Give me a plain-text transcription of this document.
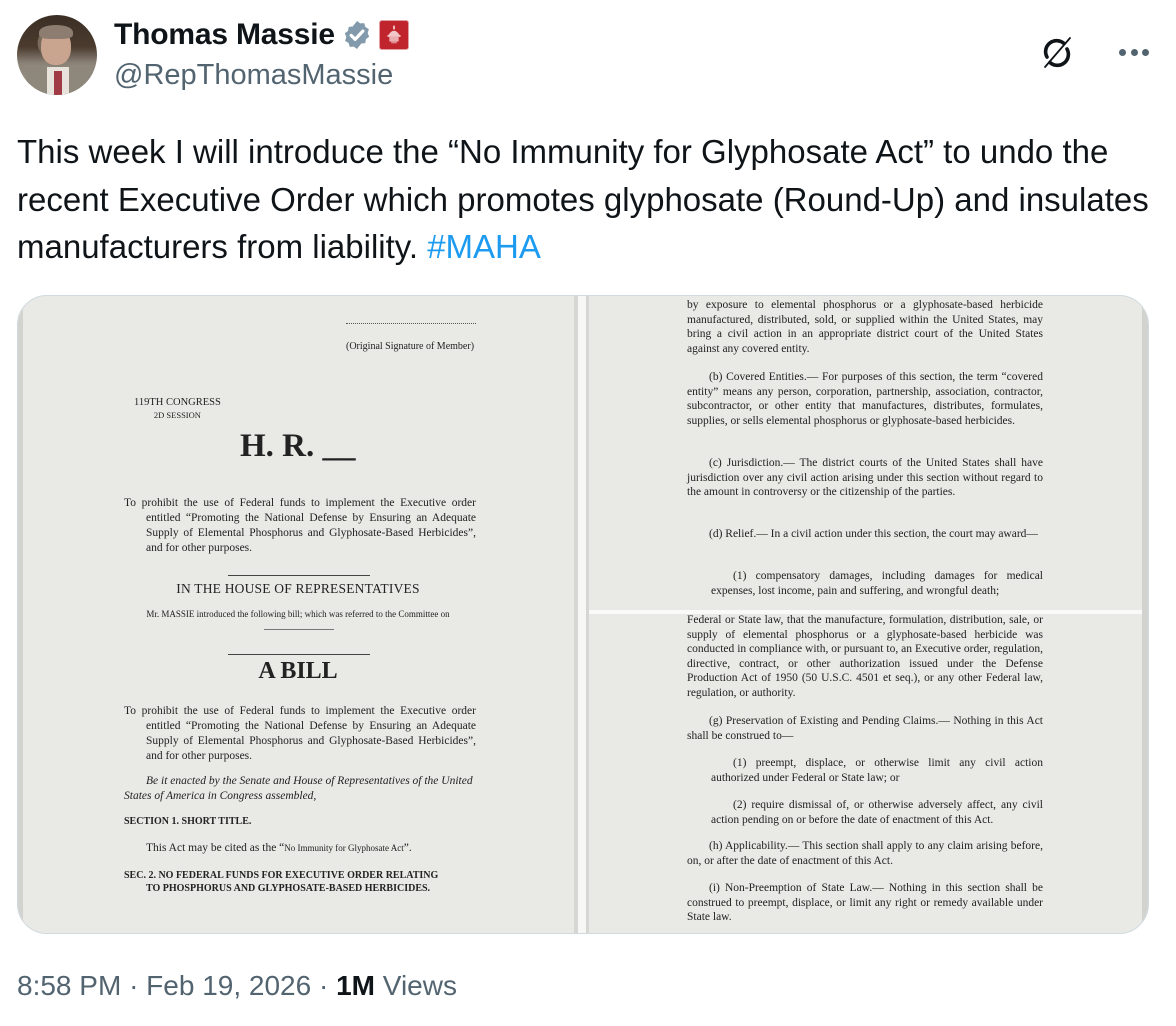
Thomas Massie
@RepThomasMassie
This week I will introduce the “No Immunity for Glyphosate Act” to undo the recent Executive Order which promotes glyphosate (Round-Up) and insulates manufacturers from liability. #MAHA
(Original Signature of Member)
119TH CONGRESS
2D SESSION
H. R. __
To prohibit the use of Federal funds to implement the Executive order entitled “Promoting the National Defense by Ensuring an Adequate Supply of Elemental Phosphorus and Glyphosate-Based Herbicides”, and for other purposes.
IN THE HOUSE OF REPRESENTATIVES
Mr. MASSIE introduced the following bill; which was referred to the Committee on
A BILL
To prohibit the use of Federal funds to implement the Executive order entitled “Promoting the National Defense by Ensuring an Adequate Supply of Elemental Phosphorus and Glyphosate-Based Herbicides”, and for other purposes.
Be it enacted by the Senate and House of Representatives of the United States of America in Congress assembled,
SECTION 1. SHORT TITLE.
This Act may be cited as the “No Immunity for Glyphosate Act”.
SEC. 2. NO FEDERAL FUNDS FOR EXECUTIVE ORDER RELATING
TO PHOSPHORUS AND GLYPHOSATE-BASED HERBICIDES.
by exposure to elemental phosphorus or a glyphosate-based herbicide manufactured, distributed, sold, or supplied within the United States, may bring a civil action in an appropriate district court of the United States against any covered entity.
(b) Covered Entities.— For purposes of this section, the term “covered entity” means any person, corporation, partnership, association, contractor, subcontractor, or other entity that manufactures, distributes, formulates, supplies, or sells elemental phosphorus or glyphosate-based herbicides.
(c) Jurisdiction.— The district courts of the United States shall have jurisdiction over any civil action arising under this section without regard to the amount in controversy or the citizenship of the parties.
(d) Relief.— In a civil action under this section, the court may award—
(1) compensatory damages, including damages for medical expenses, lost income, pain and suffering, and wrongful death;
Federal or State law, that the manufacture, formulation, distribution, sale, or supply of elemental phosphorus or a glyphosate-based herbicide was conducted in compliance with, or pursuant to, an Executive order, regulation, directive, contract, or other authorization issued under the Defense Production Act of 1950 (50 U.S.C. 4501 et seq.), or any other Federal law, regulation, or authority.
(g) Preservation of Existing and Pending Claims.— Nothing in this Act shall be construed to—
(1) preempt, displace, or otherwise limit any civil action authorized under Federal or State law; or
(2) require dismissal of, or otherwise adversely affect, any civil action pending on or before the date of enactment of this Act.
(h) Applicability.— This section shall apply to any claim arising before, on, or after the date of enactment of this Act.
(i) Non-Preemption of State Law.— Nothing in this section shall be construed to preempt, displace, or limit any right or remedy available under State law.
8:58 PM · Feb 19, 2026 · 1M Views
